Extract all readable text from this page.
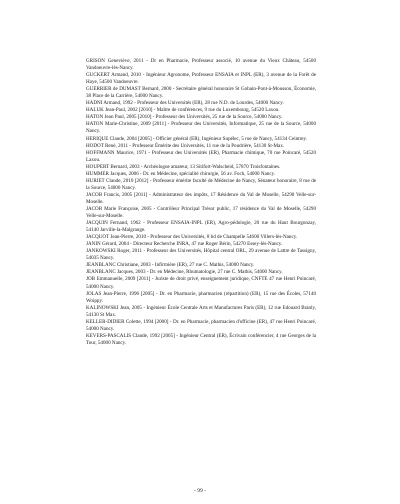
GRISON Geneviève, 2011 - Dr en Pharmacie, Professeur associé, 10 avenue du Vieux Château, 54500 Vandoeuvre-lès-Nancy.

GUCKERT Armand, 2010 - Ingénieur Agronome, Professeur ENSAIA et INPL (ER), 3 avenue de la Forêt de Haye, 54500 Vandoeuvre.

GUERRIER de DUMAST Bernard, 2000 - Secrétaire général honoraire St Gobain-Pont-à-Mousson, Économie, 38 Place de la Carrière, 54000 Nancy.

HADNI Armand, 1992 - Professeur des Universités (ER), 28 rue N.D. de Lourdes, 54000 Nancy.

HALUK Jean-Paul, 2002 [2010] - Maître de conférences, 9 rue du Luxembourg, 54520 Laxou.

HATON Jean Paul, 2005 [2010] - Professeur des Universités, 25 rue de la Source, 54000 Nancy.

HATON Marie-Christine, 2009 [2011] - Professeur des Universités, Informatique, 25 rue de la Source, 54000 Nancy.

HERIQUE Claude, 2004 [2005] - Officier général (ER), Ingénieur Supélec, 5 rue de Nancy, 54134 Ceintrey.

HODOT René, 2011 - Professeur Émérite des Universités, 11 rue de la Poudrière, 54130 St-Max.

HOFFMANN Maurice, 1971 - Professeur des Universités (ER), Pharmacie chimique, 70 rue Poincaré, 54520 Laxou.

HOUPERT Bernard, 2003 - Archéologue amateur, 13 Sitifort-Walscheid, 57870 Troisfontaines.

HUMMER Jacques, 2006 - Dr. en Médecine, spécialité chirurgie, 56 av. Foch, 54000 Nancy.

HURIET Claude, 2010 [2012] - Professeur émérite faculté de Médecine de Nancy, Sénateur honoraire, 8 rue de la Source, 54000 Nancy.

JACOB Francis, 2005 [2011] - Administrateur des impôts, 17 Résidence du Val de Moselle, 54290 Velle-sur-Moselle.

JACOB Marie Françoise, 2005 - Contrôleur Principal Trésor public, 17 résidence du Val de Moselle, 54290 Velle-sur-Moselle.

JACQUIN Fernand, 1962 - Professeur ENSAIA-INPL (ER), Agro-pédologie, 20 rue du Haut Bourgonzay, 54140 Jarville-la-Malgrange.

JACQUOT Jean-Pierre, 2010 - Professeur des Universités, 8 bd de Champelle 54600 Villers-lès-Nancy.

JANIN Gérard, 2004 - Directeur Recherche INRA, 47 rue Roger Bérin, 54270 Essey-lès-Nancy.

JANKOWSKI Roger, 2011 - Professeur des Universités, Hôpital central ORL, 29 avenue de Lattre de Tassigny, 54035 Nancy.

JEANBLANC Christiane, 2003 - Infirmière (ER), 27 rue C. Mathis, 54000 Nancy.

JEANBLANC Jacques, 2003 - Dr. en Médecine, Rhumatologie, 27 rue C. Mathis, 54000 Nancy.

JOB Emmanuelle, 2009 [2011] - Juriste de droit privé, enseignement juridique, CNFTE 47 rue Henri Poincaré, 54000 Nancy.

JOLAS Jean-Pierre, 1996 [2005] - Dr. en Pharmacie, pharmacien (répartition) (ER), 15 rue des Écoles, 57140 Woippy.

KALINOWSKI Jean, 2005 - Ingénieur École Centrale Arts et Manufactures Paris (ER), 12 rue Edouard Branly, 54130 St Max.

KELLER-DIDIER Colette, 1994 [2000] - Dr. en Pharmacie, pharmacien d'officine (ER), 47 rue Henri Poincaré, 54000 Nancy.

KEVERS-PASCALIS Claude, 1992 [2005] - Ingénieur Central (ER), Écrivain conférencier, 4 rue Georges de la Tour, 54000 Nancy.

- 99 -
